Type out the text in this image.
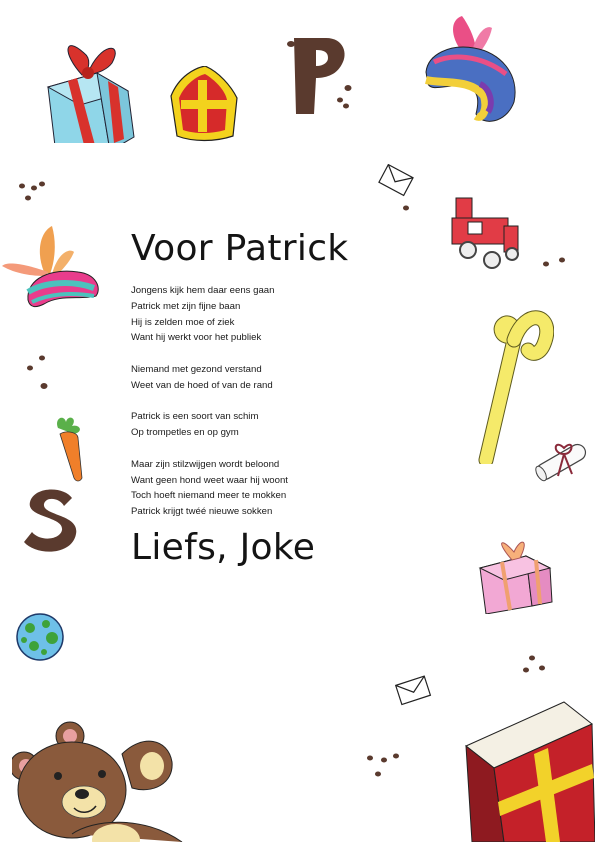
Voor Patrick
Jongens kijk hem daar eens gaan
Patrick met zijn fijne baan
Hij is zelden moe of ziek
Want hij werkt voor het publiek
Niemand met gezond verstand
Weet van de hoed of van de rand
Patrick is een soort van schim
Op trompetles en op gym
Maar zijn stilzwijgen wordt beloond
Want geen hond weet waar hij woont
Toch hoeft niemand meer te mokken
Patrick krijgt twéé nieuwe sokken
Liefs, Joke
